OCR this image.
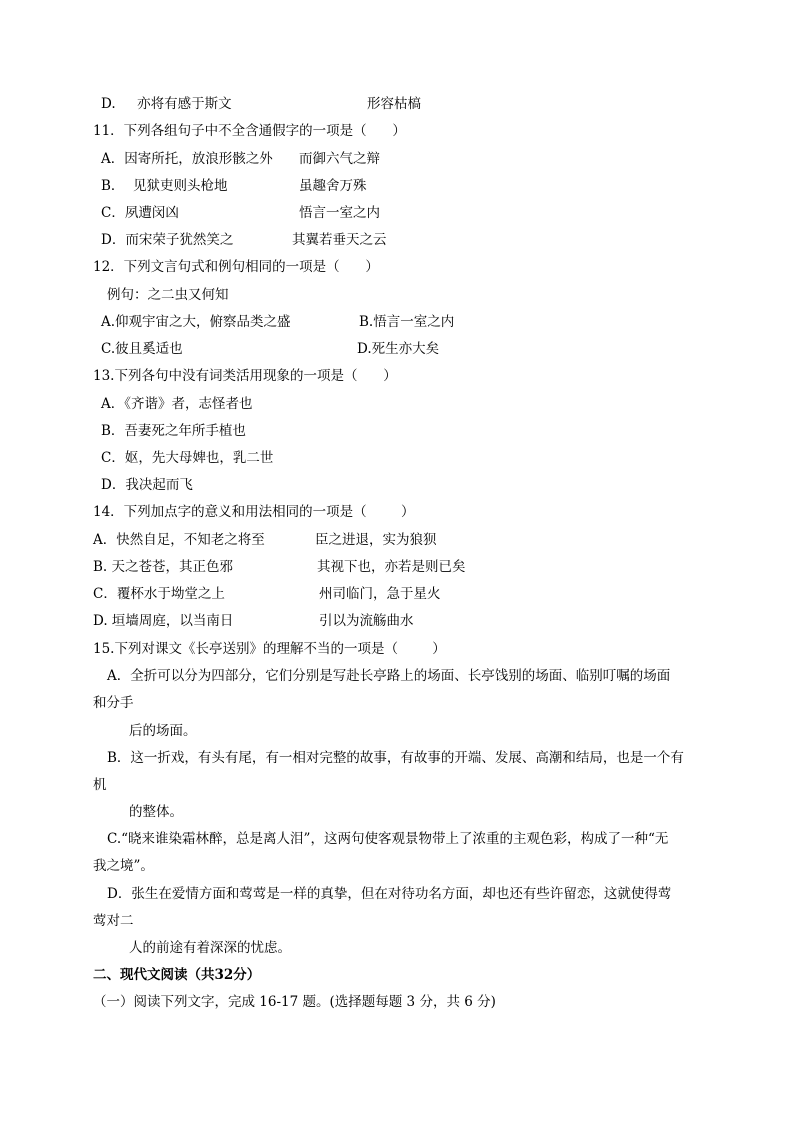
D.     亦将有感于斯文	形容枯槁
11．下列各组句子中不全含通假字的一项是（      ）
A．因寄所托，放浪形骸之外 而御六气之辩
B．  见狱吏则头枪地	虽趣舍万殊
C．夙遭闵凶	悟言一室之内
D．而宋荣子犹然笑之	其翼若垂天之云
12．下列文言句式和例句相同的一项是（      ）
例句：之二虫又何知
A.仰观宇宙之大，俯察品类之盛	B.悟言一室之内
C.彼且奚适也	D.死生亦大矣
13.下列各句中没有词类活用现象的一项是（      ）
A．《齐谐》者，志怪者也
B．吾妻死之年所手植也
C．妪，先大母婢也，乳二世
D．我决起而飞
14．下列加点字的意义和用法相同的一项是（        ）
A．快然自足，不知老之将至	臣之进退，实为狼狈
B. 天之苍苍，其正色邪	其视下也，亦若是则已矣
C．覆杯水于坳堂之上	州司临门，急于星火
D. 垣墙周庭，以当南日	引以为流觞曲水
15.下列对课文《长亭送别》的理解不当的一项是（        ）
A．全折可以分为四部分，它们分别是写赴长亭路上的场面、长亭饯别的场面、临别叮嘱的场面
和分手
后的场面。
B．这一折戏，有头有尾，有一相对完整的故事，有故事的开端、发展、高潮和结局，也是一个有
机
的整体。
C.“晓来谁染霜林醉，总是离人泪”，这两句使客观景物带上了浓重的主观色彩，构成了一种“无
我之境”。
D．张生在爱情方面和莺莺是一样的真挚，但在对待功名方面，却也还有些许留恋，这就使得莺
莺对二
人的前途有着深深的忧虑。
二、现代文阅读（共32分）
（一）阅读下列文字，完成 16-17 题。(选择题每题 3 分，共 6 分)
